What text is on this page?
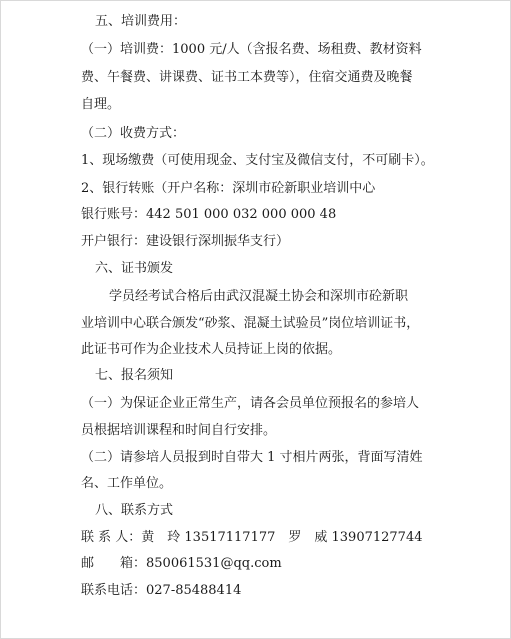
五、培训费用：
（一）培训费：1000 元/人（含报名费、场租费、教材资料
费、午餐费、讲课费、证书工本费等），住宿交通费及晚餐
自理。
（二）收费方式：
1、现场缴费（可使用现金、支付宝及微信支付，不可刷卡）。
2、银行转账（开户名称：深圳市砼新职业培训中心
银行账号：442 501 000 032 000 000 48
开户银行：建设银行深圳振华支行）
六、证书颁发
学员经考试合格后由武汉混凝土协会和深圳市砼新职
业培训中心联合颁发“砂浆、混凝土试验员”岗位培训证书，
此证书可作为企业技术人员持证上岗的依据。
七、报名须知
（一）为保证企业正常生产，请各会员单位预报名的参培人
员根据培训课程和时间自行安排。
（二）请参培人员报到时自带大 1 寸相片两张，背面写清姓
名、工作单位。
八、联系方式
联 系 人：黄　玲 13517117177　罗　威 13907127744
邮　　箱：850061531@qq.com
联系电话：027-85488414
